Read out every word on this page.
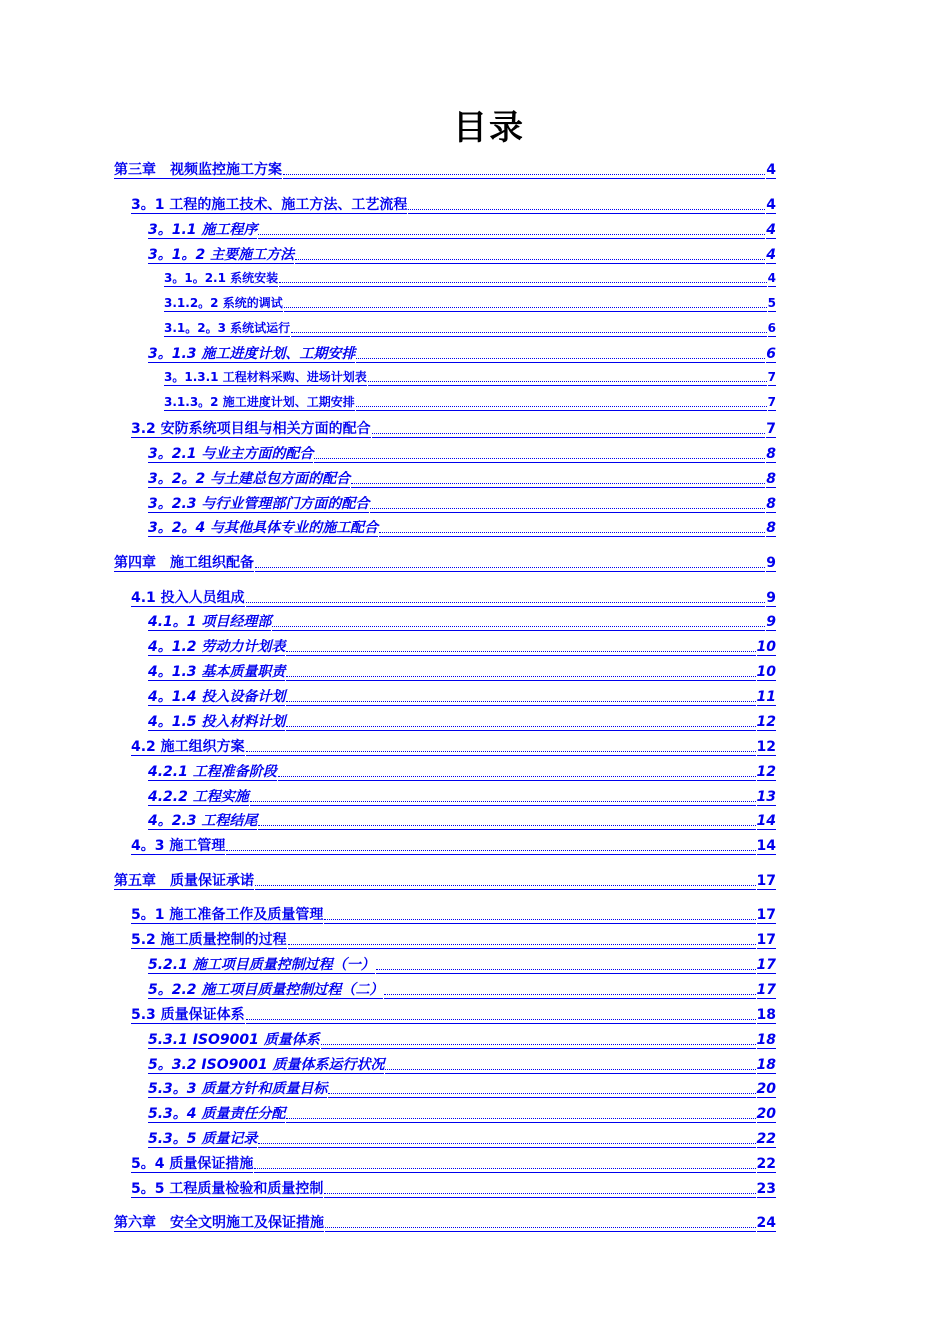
目录
第三章　视频监控施工方案	4
3。1 工程的施工技术、施工方法、工艺流程	4
3。1.1 施工程序	4
3。1。2 主要施工方法	4
3。1。2.1 系统安装	4
3.1.2。2 系统的调试	5
3.1。2。3 系统试运行	6
3。1.3 施工进度计划、工期安排	6
3。1.3.1 工程材料采购、进场计划表	7
3.1.3。2 施工进度计划、工期安排	7
3.2 安防系统项目组与相关方面的配合	7
3。2.1 与业主方面的配合	8
3。2。2 与土建总包方面的配合	8
3。2.3 与行业管理部门方面的配合	8
3。2。4 与其他具体专业的施工配合	8
第四章　施工组织配备	9
4.1 投入人员组成	9
4.1。1 项目经理部	9
4。1.2 劳动力计划表	10
4。1.3 基本质量职责	10
4。1.4 投入设备计划	11
4。1.5 投入材料计划	12
4.2 施工组织方案	12
4.2.1 工程准备阶段	12
4.2.2 工程实施	13
4。2.3 工程结尾	14
4。3 施工管理	14
第五章　质量保证承诺	17
5。1 施工准备工作及质量管理	17
5.2 施工质量控制的过程	17
5.2.1 施工项目质量控制过程（一）	17
5。2.2 施工项目质量控制过程（二）	17
5.3 质量保证体系	18
5.3.1 ISO9001 质量体系	18
5。3.2 ISO9001 质量体系运行状况	18
5.3。3 质量方针和质量目标	20
5.3。4 质量责任分配	20
5.3。5 质量记录	22
5。4 质量保证措施	22
5。5 工程质量检验和质量控制	23
第六章　安全文明施工及保证措施	24
